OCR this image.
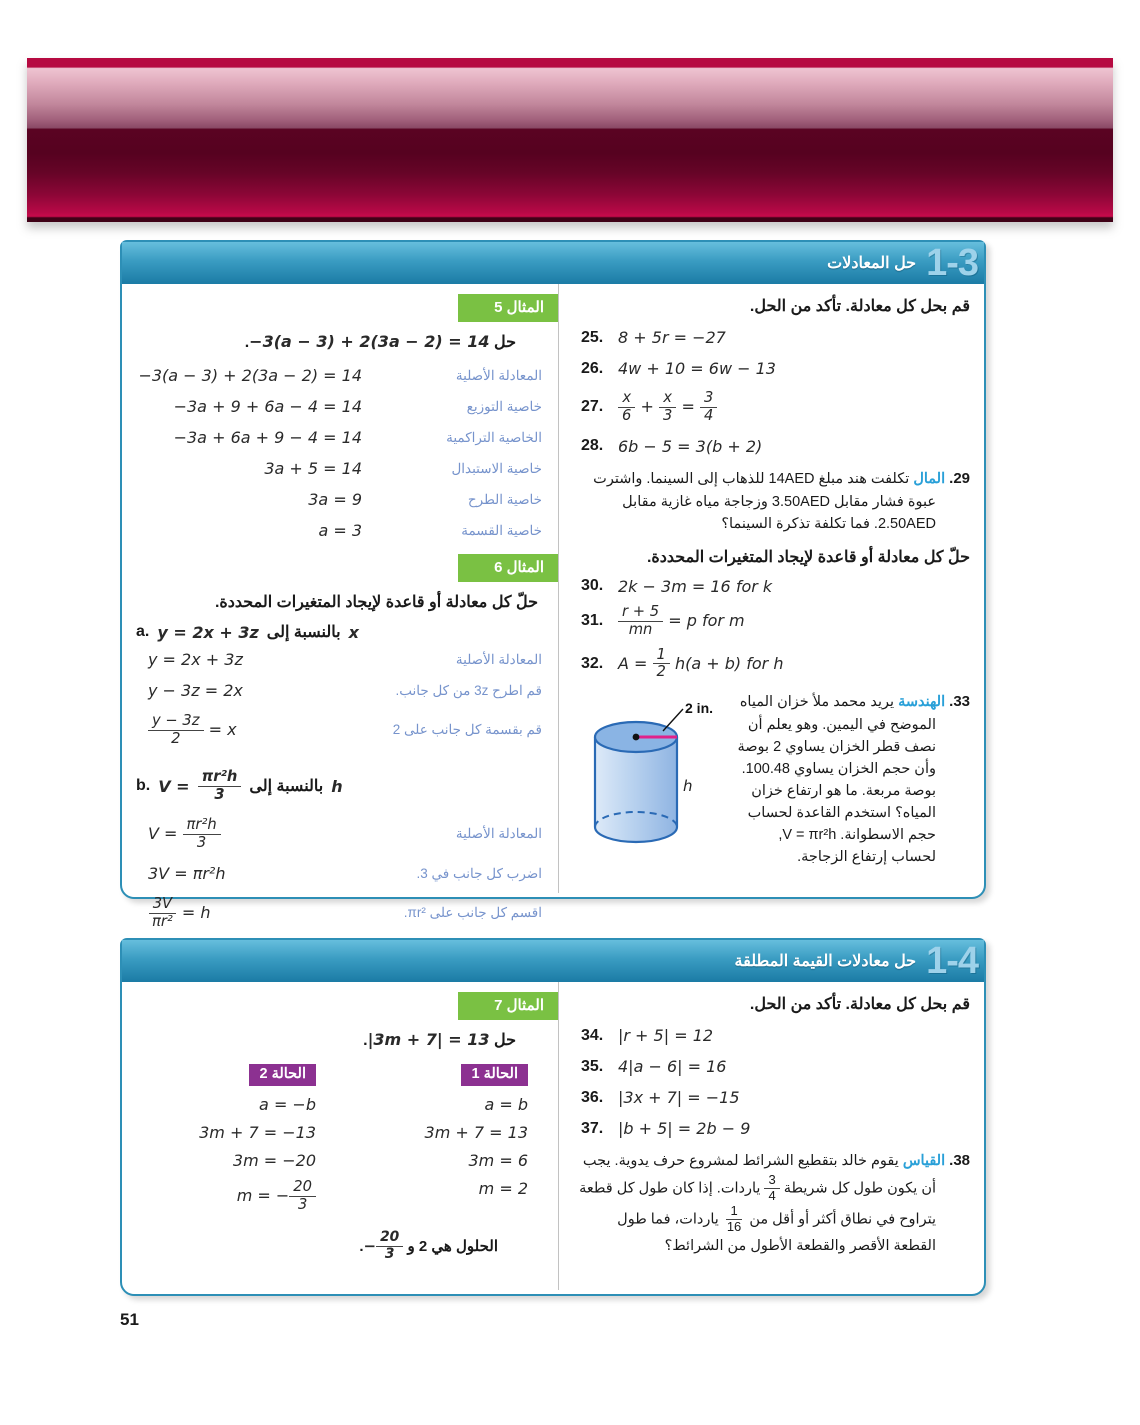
1-3
حل المعادلات
المثال 5
حل −3(a − 3) + 2(3a − 2) = 14.
−3(a − 3) + 2(3a − 2) = 14	المعادلة الأصلية
−3a + 9 + 6a − 4 = 14	خاصية التوزيع
−3a + 6a + 9 − 4 = 14	الخاصية التراكمية
3a + 5 = 14	خاصية الاستبدال
3a = 9	خاصية الطرح
a = 3	خاصية القسمة
المثال 6
حلّ كل معادلة أو قاعدة لإيجاد المتغيرات المحددة.
a. y = 2x + 3z بالنسبة إلى x
y = 2x + 3z	المعادلة الأصلية
y − 3z = 2x	قم اطرح 3z من كل جانب.
$\frac{y - 3z}{2} = x$	قم بقسمة كل جانب على 2
b. $V = \frac{\text{πr²h}}{3}$ بالنسبة إلى h
$V = \frac{\text{πr²h}}{3}$	المعادلة الأصلية
3V = πr²h	اضرب كل جانب في 3.
$\frac{3V}{\text{πr²}} = h$	اقسم كل جانب على πr².
قم بحل كل معادلة. تأكد من الحل.
25. 8 + 5r = −27
26. 4w + 10 = 6w − 13
27.	$\frac{x}{6} + \frac{x}{3} = \frac{3}{4}$
28. 6b − 5 = 3(b + 2)
29. المال تكلفت هند مبلغ 14AED للذهاب إلى السينما. واشترت عبوة فشار مقابل 3.50AED وزجاجة مياه غازية مقابل 2.50AED. فما تكلفة تذكرة السينما؟
حلّ كل معادلة أو قاعدة لإيجاد المتغيرات المحددة.
30. 2k − 3m = 16 for k
31.	$\frac{r + 5}{mn} = p$ for m
32. $A = \frac{1}{2} h(a + b)$ for h
2 in.
h
33. الهندسة يريد محمد ملأ خزان المياه الموضح في اليمين. وهو يعلم أن نصف قطر الخزان يساوي 2 بوصة وأن حجم الخزان يساوي 100.48. بوصة مربعة. ما هو ارتفاع خزان المياه؟ استخدم القاعدة لحساب حجم الاسطوانة. V = πr²h, لحساب إرتفاع الزجاجة.
1-4
حل معادلات القيمة المطلقة
المثال 7
حل |3m + 7| = 13.
الحالة 2
a = −b
3m + 7 = −13
3m = −20
m = − $\frac{20}{3}$
الحالة 1
a = b
3m + 7 = 13
3m = 6
m = 2
الحلول هي 2 و − $\frac{20}{3}$
.
قم بحل كل معادلة. تأكد من الحل.
34. |r + 5| = 12
35. 4|a − 6| = 16
36. |3x + 7| = −15
37. |b + 5| = 2b − 9
38. القياس يقوم خالد بتقطيع الشرائط لمشروع حرف يدوية. يجب أن يكون طول كل شريطة
$\frac{3}{4}$
ياردات. إذا كان طول كل قطعة يتراوح في نطاق أكثر أو أقل من
$\frac{1}{16}$
ياردات، فما طول القطعة الأقصر والقطعة الأطول من الشرائط؟
51
